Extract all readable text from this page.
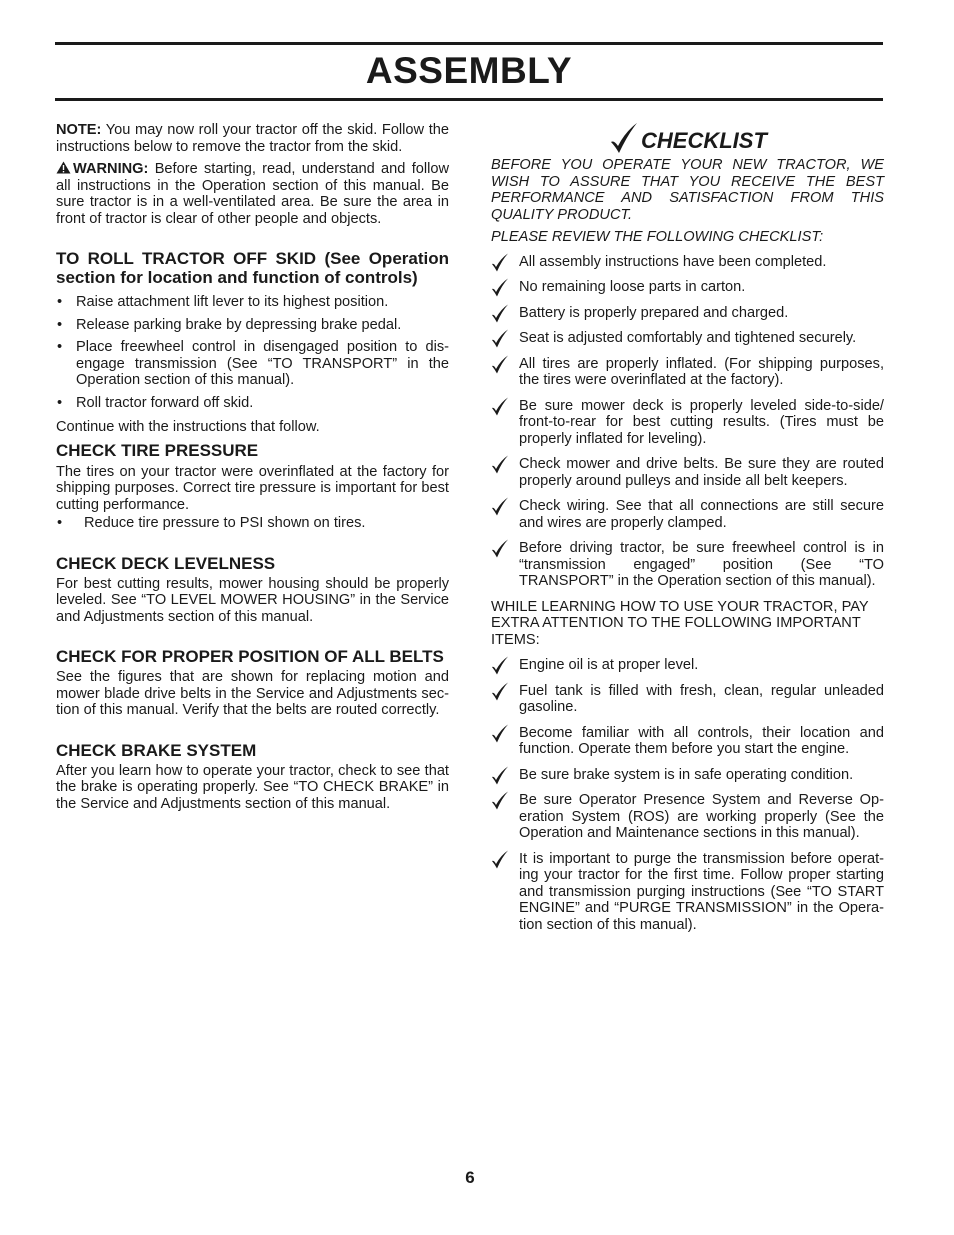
ASSEMBLY

NOTE: You may now roll your tractor off the skid. Follow the instructions below to remove the tractor from the skid.

WARNING: Before starting, read, understand and follow all instructions in the Operation section of this manual. Be sure tractor is in a well-ventilated area. Be sure the area in front of tractor is clear of other people and objects.

TO ROLL TRACTOR OFF SKID (See Operation section for location and function of controls)
• Raise attachment lift lever to its highest position.
• Release parking brake by depressing brake pedal.
• Place freewheel control in disengaged position to dis-engage transmission (See “TO TRANSPORT” in the Operation section of this manual).
• Roll tractor forward off skid.

Continue with the instructions that follow.

CHECK TIRE PRESSURE

The tires on your tractor were overinflated at the factory for shipping purposes. Correct tire pressure is important for best cutting performance.

• Reduce tire pressure to PSI shown on tires.

CHECK DECK LEVELNESS

For best cutting results, mower housing should be properly leveled. See “TO LEVEL MOWER HOUSING” in the Service and Adjustments section of this manual.

CHECK FOR PROPER POSITION OF ALL BELTS

See the figures that are shown for replacing motion and mower blade drive belts in the Service and Adjustments sec-tion of this manual. Verify that the belts are routed correctly.

CHECK BRAKE SYSTEM

After you learn how to operate your tractor, check to see that the brake is operating properly. See “TO CHECK BRAKE” in the Service and Adjustments section of this manual.

CHECKLIST

BEFORE YOU OPERATE YOUR NEW TRACTOR, WE WISH TO ASSURE THAT YOU RECEIVE THE BEST PERFORMANCE AND SATISFACTION FROM THIS QUALITY PRODUCT.

PLEASE REVIEW THE FOLLOWING CHECKLIST:

All assembly instructions have been completed.
No remaining loose parts in carton.
Battery is properly prepared and charged.
Seat is adjusted comfortably and tightened securely.
All tires are properly inflated. (For shipping purposes, the tires were overinflated at the factory).
Be sure mower deck is properly leveled side-to-side/ front-to-rear for best cutting results. (Tires must be properly inflated for leveling).
Check mower and drive belts. Be sure they are routed properly around pulleys and inside all belt keepers.
Check wiring. See that all connections are still secure and wires are properly clamped.
Before driving tractor, be sure freewheel control is in “transmission engaged” position (See “TO TRANSPORT” in the Operation section of this manual).

WHILE LEARNING HOW TO USE YOUR TRACTOR, PAY EXTRA ATTENTION TO THE FOLLOWING IMPORTANT ITEMS:

Engine oil is at proper level.
Fuel tank is filled with fresh, clean, regular unleaded gasoline.
Become familiar with all controls, their location and function. Operate them before you start the engine.
Be sure brake system is in safe operating condition.
Be sure Operator Presence System and Reverse Op-eration System (ROS) are working properly (See the Operation and Maintenance sections in this manual).
It is important to purge the transmission before operat-ing your tractor for the first time. Follow proper starting and transmission purging instructions (See “TO START ENGINE” and “PURGE TRANSMISSION” in the Opera-tion section of this manual).
6
